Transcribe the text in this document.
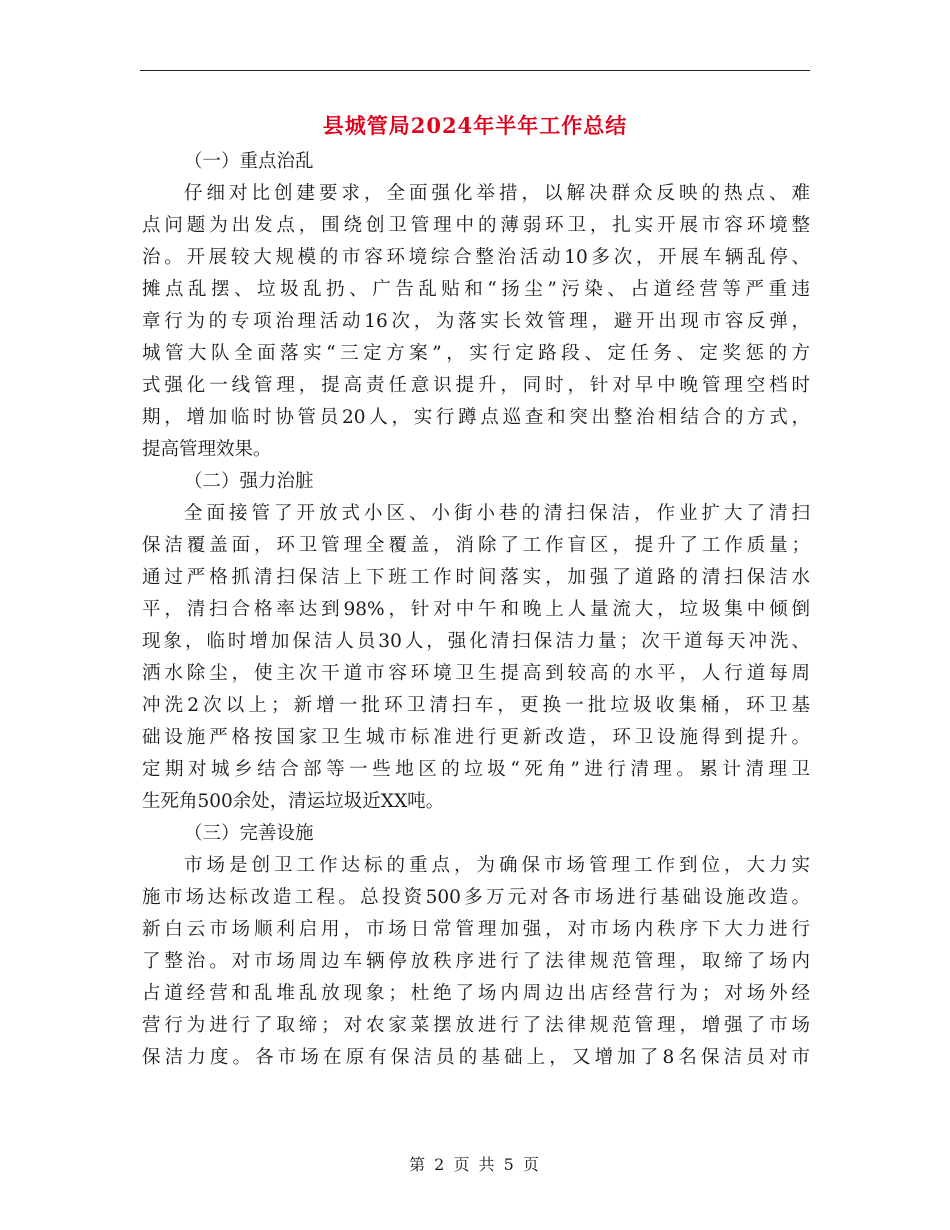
县城管局2024年半年工作总结
（一）重点治乱
仔细对比创建要求，全面强化举措，以解决群众反映的热点、难
点问题为出发点，围绕创卫管理中的薄弱环卫，扎实开展市容环境整
治。开展较大规模的市容环境综合整治活动10多次，开展车辆乱停、
摊点乱摆、垃圾乱扔、广告乱贴和“扬尘”污染、占道经营等严重违
章行为的专项治理活动16次，为落实长效管理，避开出现市容反弹，
城管大队全面落实“三定方案”，实行定路段、定任务、定奖惩的方
式强化一线管理，提高责任意识提升，同时，针对早中晚管理空档时
期，增加临时协管员20人，实行蹲点巡查和突出整治相结合的方式，
提高管理效果。
（二）强力治脏
全面接管了开放式小区、小街小巷的清扫保洁，作业扩大了清扫
保洁覆盖面，环卫管理全覆盖，消除了工作盲区，提升了工作质量；
通过严格抓清扫保洁上下班工作时间落实，加强了道路的清扫保洁水
平，清扫合格率达到98%，针对中午和晚上人量流大，垃圾集中倾倒
现象，临时增加保洁人员30人，强化清扫保洁力量；次干道每天冲洗、
洒水除尘，使主次干道市容环境卫生提高到较高的水平，人行道每周
冲洗2次以上；新增一批环卫清扫车，更换一批垃圾收集桶，环卫基
础设施严格按国家卫生城市标准进行更新改造，环卫设施得到提升。
定期对城乡结合部等一些地区的垃圾“死角”进行清理。累计清理卫
生死角500余处，清运垃圾近XX吨。
（三）完善设施
市场是创卫工作达标的重点，为确保市场管理工作到位，大力实
施市场达标改造工程。总投资500多万元对各市场进行基础设施改造。
新白云市场顺利启用，市场日常管理加强，对市场内秩序下大力进行
了整治。对市场周边车辆停放秩序进行了法律规范管理，取缔了场内
占道经营和乱堆乱放现象；杜绝了场内周边出店经营行为；对场外经
营行为进行了取缔；对农家菜摆放进行了法律规范管理，增强了市场
保洁力度。各市场在原有保洁员的基础上，又增加了8名保洁员对市
第 2 页 共 5 页
